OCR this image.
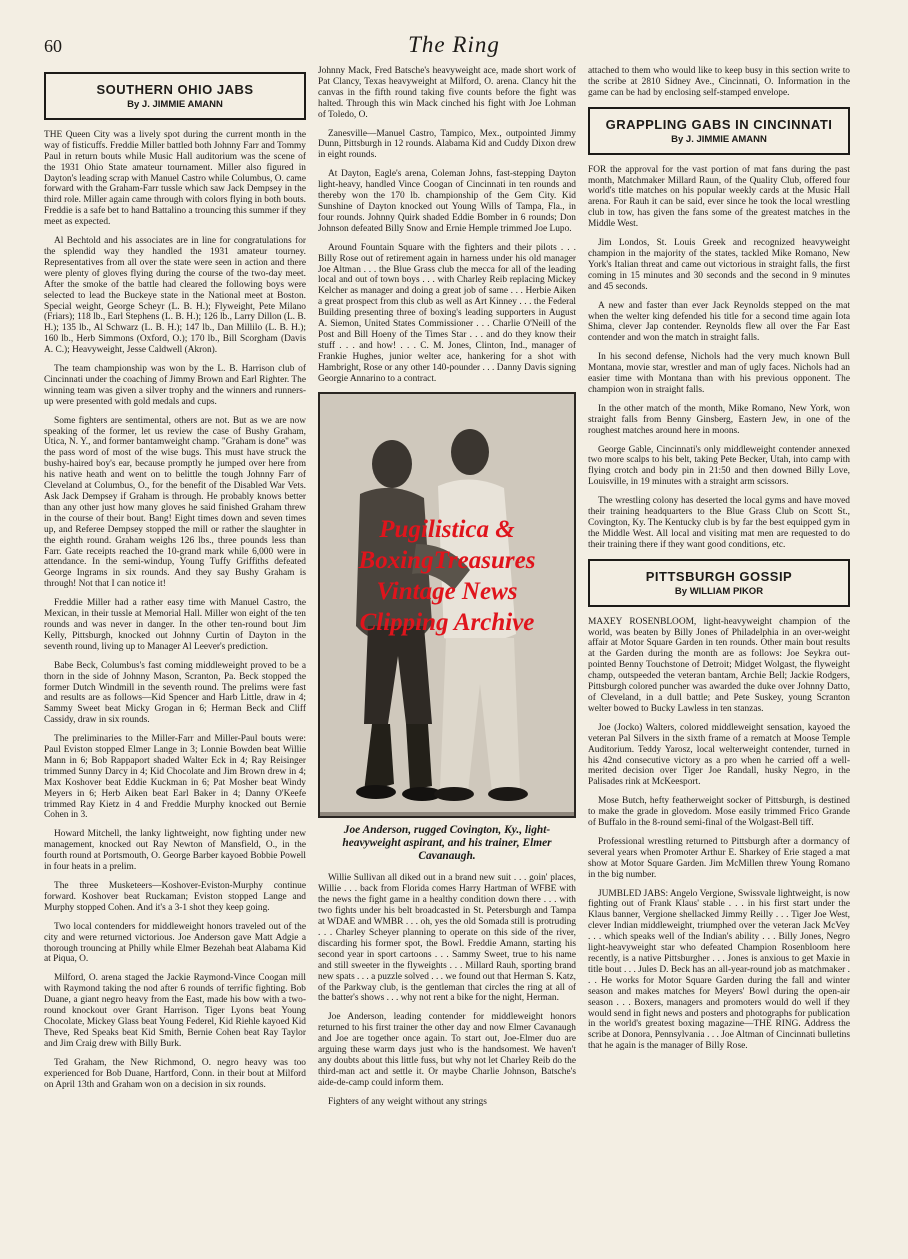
60	The Ring
SOUTHERN OHIO JABS
By J. JIMMIE AMANN

THE Queen City was a lively spot during the current month in the way of fisticuffs. Freddie Miller battled both Johnny Farr and Tommy Paul in return bouts while Music Hall auditorium was the scene of the 1931 Ohio State amateur tournament. Miller also figured in Dayton's leading scrap with Manuel Castro while Columbus, O. came forward with the Graham-Farr tussle which saw Jack Dempsey in the third role. Miller again came through with colors flying in both bouts. Freddie is a safe bet to hand Battalino a trouncing this summer if they meet as expected.

Al Bechtold and his associates are in line for congratulations for the splendid way they handled the 1931 amateur tourney. Representatives from all over the state were seen in action and there were plenty of gloves flying during the course of the two-day meet. After the smoke of the battle had cleared the following boys were selected to lead the Buckeye state in the National meet at Boston. Special weight, George Scheyr (L. B. H.); Flyweight, Pete Milano (Friars); 118 lb., Earl Stephens (L. B. H.); 126 lb., Larry Dillon (L. B. H.); 135 lb., Al Schwarz (L. B. H.); 147 lb., Dan Millilo (L. B. H.); 160 lb., Herb Simmons (Oxford, O.); 170 lb., Bill Scorgham (Davis A. C.); Heavyweight, Jesse Caldwell (Akron).

The team championship was won by the L. B. Harrison club of Cincinnati under the coaching of Jimmy Brown and Earl Righter. The winning team was given a silver trophy and the winners and runners-up were presented with gold medals and cups.

Some fighters are sentimental, others are not. But as we are now speaking of the former, let us review the case of Bushy Graham, Utica, N. Y., and former bantamweight champ. "Graham is done" was the pass word of most of the wise bugs. This must have struck the bushy-haired boy's ear, because promptly he jumped over here from his native heath and went on to belittle the tough Johnny Farr of Cleveland at Columbus, O., for the benefit of the Disabled War Vets. Ask Jack Dempsey if Graham is through. He probably knows better than any other just how many gloves he said finished Graham threw in the course of their bout. Bang! Eight times down and seven times up, and Referee Dempsey stopped the mill or rather the slaughter in the eighth round. Graham weighs 126 lbs., three pounds less than Farr. Gate receipts reached the 10-grand mark while 6,000 were in attendance. In the semi-windup, Young Tuffy Griffiths defeated George Ingrams in six rounds. And they say Bushy Graham is through! Not that I can notice it!

Freddie Miller had a rather easy time with Manuel Castro, the Mexican, in their tussle at Memorial Hall. Miller won eight of the ten rounds and was never in danger. In the other ten-round bout Jim Kelly, Pittsburgh, knocked out Johnny Curtin of Dayton in the seventh round, living up to Manager Al Leever's prediction.

Babe Beck, Columbus's fast coming middleweight proved to be a thorn in the side of Johnny Mason, Scranton, Pa. Beck stopped the former Dutch Windmill in the seventh round. The prelims were fast and results are as follows—Kid Spencer and Harb Little, draw in 4; Sammy Sweet beat Micky Grogan in 6; Herman Beck and Cliff Cassidy, draw in six rounds.

The preliminaries to the Miller-Farr and Miller-Paul bouts were: Paul Eviston stopped Elmer Lange in 3; Lonnie Bowden beat Willie Mann in 6; Bob Rappaport shaded Walter Eck in 4; Ray Reisinger trimmed Sunny Darcy in 4; Kid Chocolate and Jim Brown drew in 4; Max Koshover beat Eddie Kuckman in 6; Pat Mosher beat Windy Meyers in 6; Herb Aiken beat Earl Baker in 4; Danny O'Keefe trimmed Ray Kietz in 4 and Freddie Murphy knocked out Bernie Cohen in 3.

Howard Mitchell, the lanky lightweight, now fighting under new management, knocked out Ray Newton of Mansfield, O., in the fourth round at Portsmouth, O. George Barber kayoed Bobbie Powell in four heats in a prelim.

The three Musketeers—Koshover-Eviston-Murphy continue forward. Koshover beat Ruckaman; Eviston stopped Lange and Murphy stopped Cohen. And it's a 3-1 shot they keep going.

Two local contenders for middleweight honors traveled out of the city and were returned victorious. Joe Anderson gave Matt Adgie a thorough trouncing at Philly while Elmer Bezehah beat Alabama Kid at Piqua, O.

Milford, O. arena staged the Jackie Raymond-Vince Coogan mill with Raymond taking the nod after 6 rounds of terrific fighting. Bob Duane, a giant negro heavy from the East, made his bow with a two-round knockout over Grant Harrison. Tiger Lyons beat Young Chocolate, Mickey Glass beat Young Federel, Kid Riehle kayoed Kid Theve, Red Speaks beat Kid Smith, Bernie Cohen beat Ray Taylor and Jim Craig drew with Billy Burk.

Ted Graham, the New Richmond, O. negro heavy was too experienced for Bob Duane, Hartford, Conn. in their bout at Milford on April 13th and Graham won on a decision in six rounds.

Johnny Mack, Fred Batsche's heavyweight ace, made short work of Pat Clancy, Texas heavyweight at Milford, O. arena. Clancy hit the canvas in the fifth round taking five counts before the fight was halted. Through this win Mack cinched his fight with Joe Lohman of Toledo, O.

Zanesville—Manuel Castro, Tampico, Mex., outpointed Jimmy Dunn, Pittsburgh in 12 rounds. Alabama Kid and Cuddy Dixon drew in eight rounds.

At Dayton, Eagle's arena, Coleman Johns, fast-stepping Dayton light-heavy, handled Vince Coogan of Cincinnati in ten rounds and thereby won the 170 lb. championship of the Gem City. Kid Sunshine of Dayton knocked out Young Wills of Tampa, Fla., in four rounds. Johnny Quirk shaded Eddie Bomber in 6 rounds; Don Johnson defeated Billy Snow and Ernie Hemple trimmed Joe Lupo.

Around Fountain Square with the fighters and their pilots . . . Billy Rose out of retirement again in harness under his old manager Joe Altman . . . the Blue Grass club the mecca for all of the leading local and out of town boys . . . with Charley Reib replacing Mickey Kelcher as manager and doing a great job of same . . . Herbie Aiken a great prospect from this club as well as Art Kinney . . . the Federal Building presenting three of boxing's leading supporters in August A. Siemon, United States Commissioner . . . Charlie O'Neill of the Post and Bill Hoeny of the Times Star . . . and do they know their stuff . . . and how! . . . C. M. Jones, Clinton, Ind., manager of Frankie Hughes, junior welter ace, hankering for a shot with Hambright, Rose or any other 140-pounder . . . Danny Davis signing Georgie Annarino to a contract.

Pugilistica &
BoxingTreasures
Vintage News
Clipping Archive
Joe Anderson, rugged Covington, Ky., light-heavyweight aspirant, and his trainer, Elmer Cavanaugh.

Willie Sullivan all diked out in a brand new suit . . . goin' places, Willie . . . back from Florida comes Harry Hartman of WFBE with the news the fight game in a healthy condition down there . . . with two fights under his belt broadcasted in St. Petersburgh and Tampa at WDAE and WMBR . . . oh, yes the old Somada still is protruding . . . Charley Scheyer planning to operate on this side of the river, discarding his former spot, the Bowl. Freddie Amann, starting his second year in sport cartoons . . . Sammy Sweet, true to his name and still sweeter in the flyweights . . . Millard Rauh, sporting brand new spats . . . a puzzle solved . . . we found out that Herman S. Katz, of the Parkway club, is the gentleman that circles the ring at all of the batter's shows . . . why not rent a bike for the night, Herman.

Joe Anderson, leading contender for middleweight honors returned to his first trainer the other day and now Elmer Cavanaugh and Joe are together once again. To start out, Joe-Elmer duo are arguing these warm days just who is the handsomest. We haven't any doubts about this little fuss, but why not let Charley Reib do the third-man act and settle it. Or maybe Charlie Johnson, Batsche's aide-de-camp could inform them.

Fighters of any weight without any strings

attached to them who would like to keep busy in this section write to the scribe at 2810 Sidney Ave., Cincinnati, O. Information in the game can be had by enclosing self-stamped envelope.

GRAPPLING GABS IN CINCINNATI
By J. JIMMIE AMANN

FOR the approval for the vast portion of mat fans during the past month, Matchmaker Millard Raun, of the Quality Club, offered four world's title matches on his popular weekly cards at the Music Hall arena. For Rauh it can be said, ever since he took the local wrestling club in tow, has given the fans some of the greatest matches in the Middle West.

Jim Londos, St. Louis Greek and recognized heavyweight champion in the majority of the states, tackled Mike Romano, New York's Italian threat and came out victorious in straight falls, the first coming in 15 minutes and 30 seconds and the second in 9 minutes and 45 seconds.

A new and faster than ever Jack Reynolds stepped on the mat when the welter king defended his title for a second time again Iota Shima, clever Jap contender. Reynolds flew all over the Far East contender and won the match in straight falls.

In his second defense, Nichols had the very much known Bull Montana, movie star, wrestler and man of ugly faces. Nichols had an easier time with Montana than with his previous opponent. The champion won in straight falls.

In the other match of the month, Mike Romano, New York, won straight falls from Benny Ginsberg, Eastern Jew, in one of the roughest matches around here in moons.

George Gable, Cincinnati's only middleweight contender annexed two more scalps to his belt, taking Pete Becker, Utah, into camp with flying crotch and body pin in 21:50 and then downed Billy Love, Louisville, in 19 minutes with a straight arm scissors.

The wrestling colony has deserted the local gyms and have moved their training headquarters to the Blue Grass Club on Scott St., Covington, Ky. The Kentucky club is by far the best equipped gym in the Middle West. All local and visiting mat men are requested to do their training there if they want good conditions, etc.

PITTSBURGH GOSSIP
By WILLIAM PIKOR

MAXEY ROSENBLOOM, light-heavyweight champion of the world, was beaten by Billy Jones of Philadelphia in an over-weight affair at Motor Square Garden in ten rounds. Other main bout results at the Garden during the month are as follows: Joe Seykra out-pointed Benny Touchstone of Detroit; Midget Wolgast, the flyweight champ, outspeeded the veteran bantam, Archie Bell; Jackie Rodgers, Pittsburgh colored puncher was awarded the duke over Johnny Datto, of Cleveland, in a dull battle; and Pete Suskey, young Scranton welter bowed to Bucky Lawless in ten stanzas.

Joe (Jocko) Walters, colored middleweight sensation, kayoed the veteran Pal Silvers in the sixth frame of a rematch at Moose Temple Auditorium. Teddy Yarosz, local welterweight contender, turned in his 42nd consecutive victory as a pro when he carried off a well-merited decision over Tiger Joe Randall, husky Negro, in the Palisades rink at McKeesport.

Mose Butch, hefty featherweight socker of Pittsburgh, is destined to make the grade in glovedom. Mose easily trimmed Frico Grande of Buffalo in the 8-round semi-final of the Wolgast-Bell tiff.

Professional wrestling returned to Pittsburgh after a dormancy of several years when Promoter Arthur E. Sharkey of Erie staged a mat show at Motor Square Garden. Jim McMillen threw Young Romano in the big number.

JUMBLED JABS: Angelo Vergione, Swissvale lightweight, is now fighting out of Frank Klaus' stable . . . in his first start under the Klaus banner, Vergione shellacked Jimmy Reilly . . . Tiger Joe West, clever Indian middleweight, triumphed over the veteran Jack McVey . . . which speaks well of the Indian's ability . . . Billy Jones, Negro light-heavyweight star who defeated Champion Rosenbloom here recently, is a native Pittsburgher . . . Jones is anxious to get Maxie in title bout . . . Jules D. Beck has an all-year-round job as matchmaker . . . He works for Motor Square Garden during the fall and winter season and makes matches for Meyers' Bowl during the open-air season . . . Boxers, managers and promoters would do well if they would send in fight news and posters and photographs for publication in the world's greatest boxing magazine—THE RING. Address the scribe at Donora, Pennsylvania . . . Joe Altman of Cincinnati bulletins that he again is the manager of Billy Rose.
